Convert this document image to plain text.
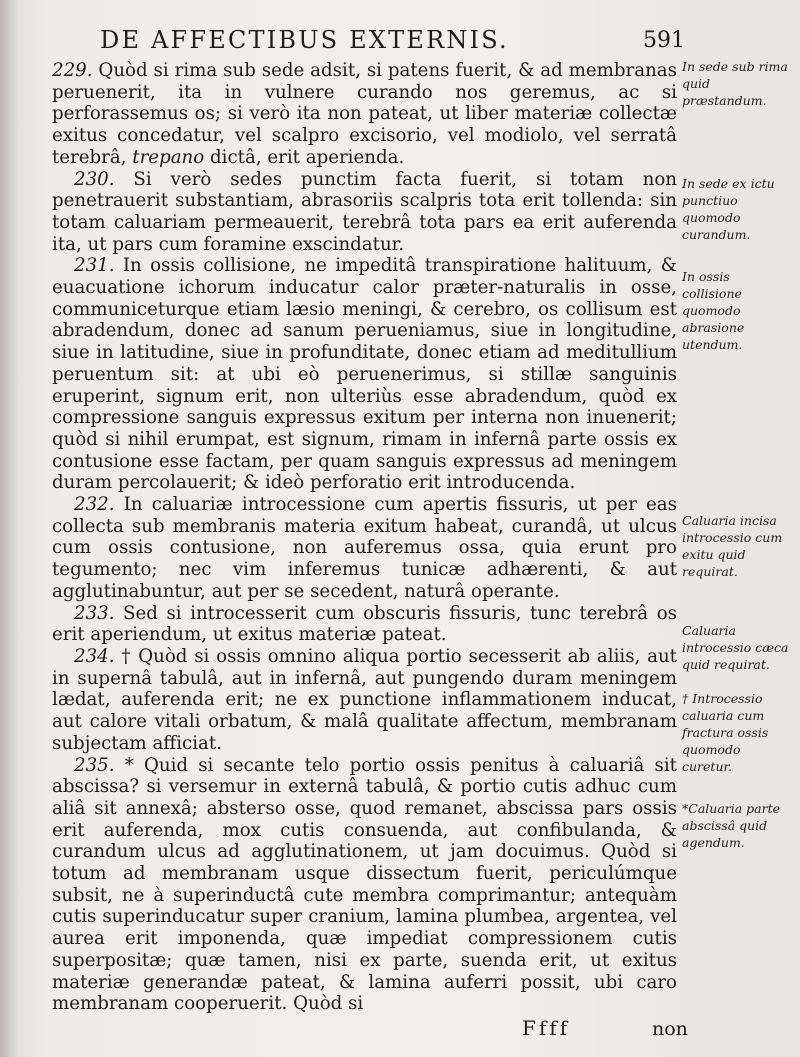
DE AFFECTIBUS EXTERNIS.	591

229. Quòd si rima sub sede adsit, si patens fuerit, & ad membranas peruenerit, ita in vulnere curando nos geremus, ac si perforassemus os; si verò ita non pateat, ut liber materiæ collectæ exitus concedatur, vel scalpro excisorio, vel modiolo, vel serratâ terebrâ, trepano dictâ, erit aperienda.

230. Si verò sedes punctim facta fuerit, si totam non penetrauerit substantiam, abrasoriis scalpris tota erit tollenda: sin totam caluariam permeauerit, terebrâ tota pars ea erit auferenda ita, ut pars cum foramine exscindatur.

231. In ossis collisione, ne impeditâ transpiratione halituum, & euacuatione ichorum inducatur calor præter-naturalis in osse, communiceturque etiam læsio meningi, & cerebro, os collisum est abradendum, donec ad sanum perueniamus, siue in longitudine, siue in latitudine, siue in profunditate, donec etiam ad meditullium peruentum sit: at ubi eò peruenerimus, si stillæ sanguinis eruperint, signum erit, non ulteriùs esse abradendum, quòd ex compressione sanguis expressus exitum per interna non inuenerit; quòd si nihil erumpat, est signum, rimam in infernâ parte ossis ex contusione esse factam, per quam sanguis expressus ad meningem duram percolauerit; & ideò perforatio erit introducenda.

232. In caluariæ introcessione cum apertis fissuris, ut per eas collecta sub membranis materia exitum habeat, curandâ, ut ulcus cum ossis contusione, non auferemus ossa, quia erunt pro tegumento; nec vim inferemus tunicæ adhærenti, & aut agglutinabuntur, aut per se secedent, naturâ operante.

233. Sed si introcesserit cum obscuris fissuris, tunc terebrâ os erit aperiendum, ut exitus materiæ pateat.

234. † Quòd si ossis omnino aliqua portio secesserit ab aliis, aut in supernâ tabulâ, aut in infernâ, aut pungendo duram meningem lædat, auferenda erit; ne ex punctione inflammationem inducat, aut calore vitali orbatum, & malâ qualitate affectum, membranam subjectam afficiat.

235. * Quid si secante telo portio ossis penitus à caluariâ sit abscissa? si versemur in externâ tabulâ, & portio cutis adhuc cum aliâ sit annexâ; absterso osse, quod remanet, abscissa pars ossis erit auferenda, mox cutis consuenda, aut confibulanda, & curandum ulcus ad agglutinationem, ut jam docuimus. Quòd si totum ad membranam usque dissectum fuerit, periculúmque subsit, ne à superinductâ cute membra comprimantur; antequàm cutis superinducatur super cranium, lamina plumbea, argentea, vel aurea erit imponenda, quæ impediat compressionem cutis superpositæ; quæ tamen, nisi ex parte, suenda erit, ut exitus materiæ generandæ pateat, & lamina auferri possit, ubi caro membranam cooperuerit. Quòd si

In sede sub rima quid præstandum.
In sede ex ictu punctiuo quomodo curandum.
In ossis collisione quomodo abrasione utendum.
Caluaria incisa introcessio cum exitu quid requirat.
Caluaria introcessio cæca quid requirat.
† Introcessio caluaria cum fractura ossis quomodo curetur.
*Caluaria parte abscissâ quid agendum.
Ffff	non
